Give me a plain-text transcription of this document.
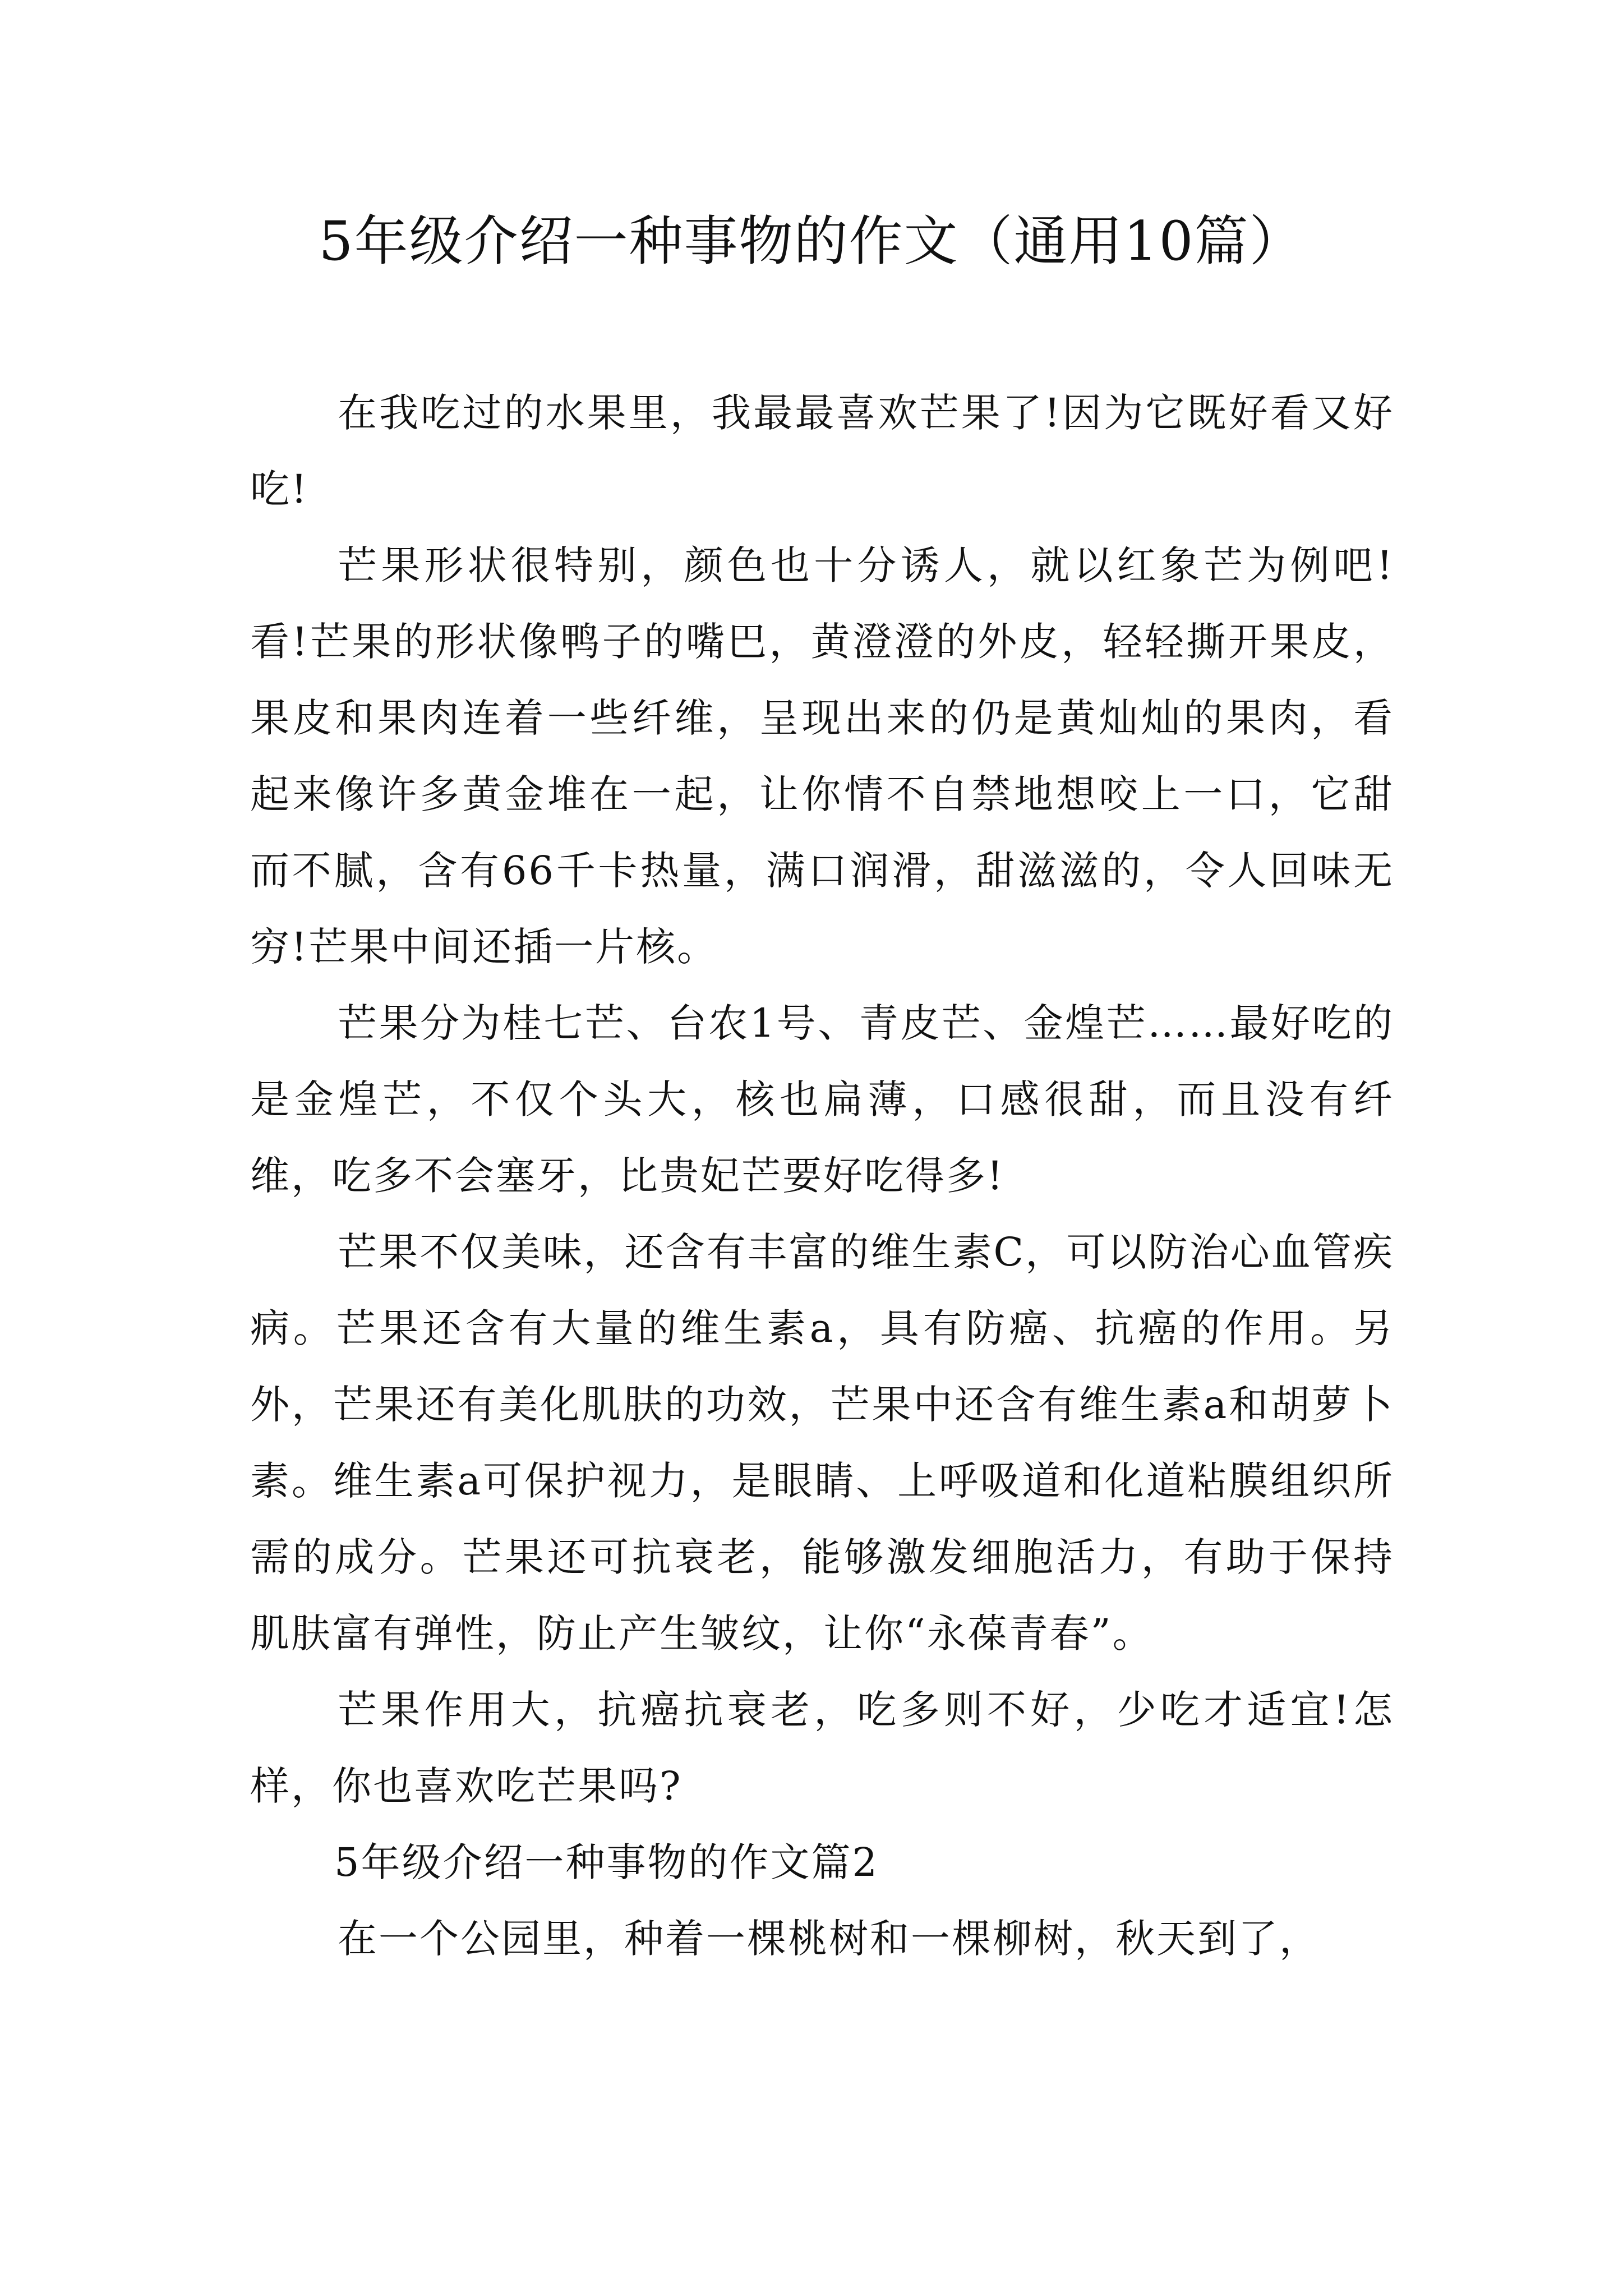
5年级介绍一种事物的作文（通用10篇）

在我吃过的水果里，我最最喜欢芒果了!因为它既好看又好吃!

芒果形状很特别，颜色也十分诱人，就以红象芒为例吧!看!芒果的形状像鸭子的嘴巴，黄澄澄的外皮，轻轻撕开果皮，果皮和果肉连着一些纤维，呈现出来的仍是黄灿灿的果肉，看起来像许多黄金堆在一起，让你情不自禁地想咬上一口，它甜而不腻，含有66千卡热量，满口润滑，甜滋滋的，令人回味无穷!芒果中间还插一片核。

芒果分为桂七芒、台农1号、青皮芒、金煌芒……最好吃的是金煌芒，不仅个头大，核也扁薄，口感很甜，而且没有纤维，吃多不会塞牙，比贵妃芒要好吃得多!

芒果不仅美味，还含有丰富的维生素C，可以防治心血管疾病。芒果还含有大量的维生素a，具有防癌、抗癌的作用。另外，芒果还有美化肌肤的功效，芒果中还含有维生素a和胡萝卜素。维生素a可保护视力，是眼睛、上呼吸道和化道粘膜组织所需的成分。芒果还可抗衰老，能够激发细胞活力，有助于保持肌肤富有弹性，防止产生皱纹，让你“永葆青春”。

芒果作用大，抗癌抗衰老，吃多则不好，少吃才适宜!怎样，你也喜欢吃芒果吗?

5年级介绍一种事物的作文篇2

在一个公园里，种着一棵桃树和一棵柳树，秋天到了，
